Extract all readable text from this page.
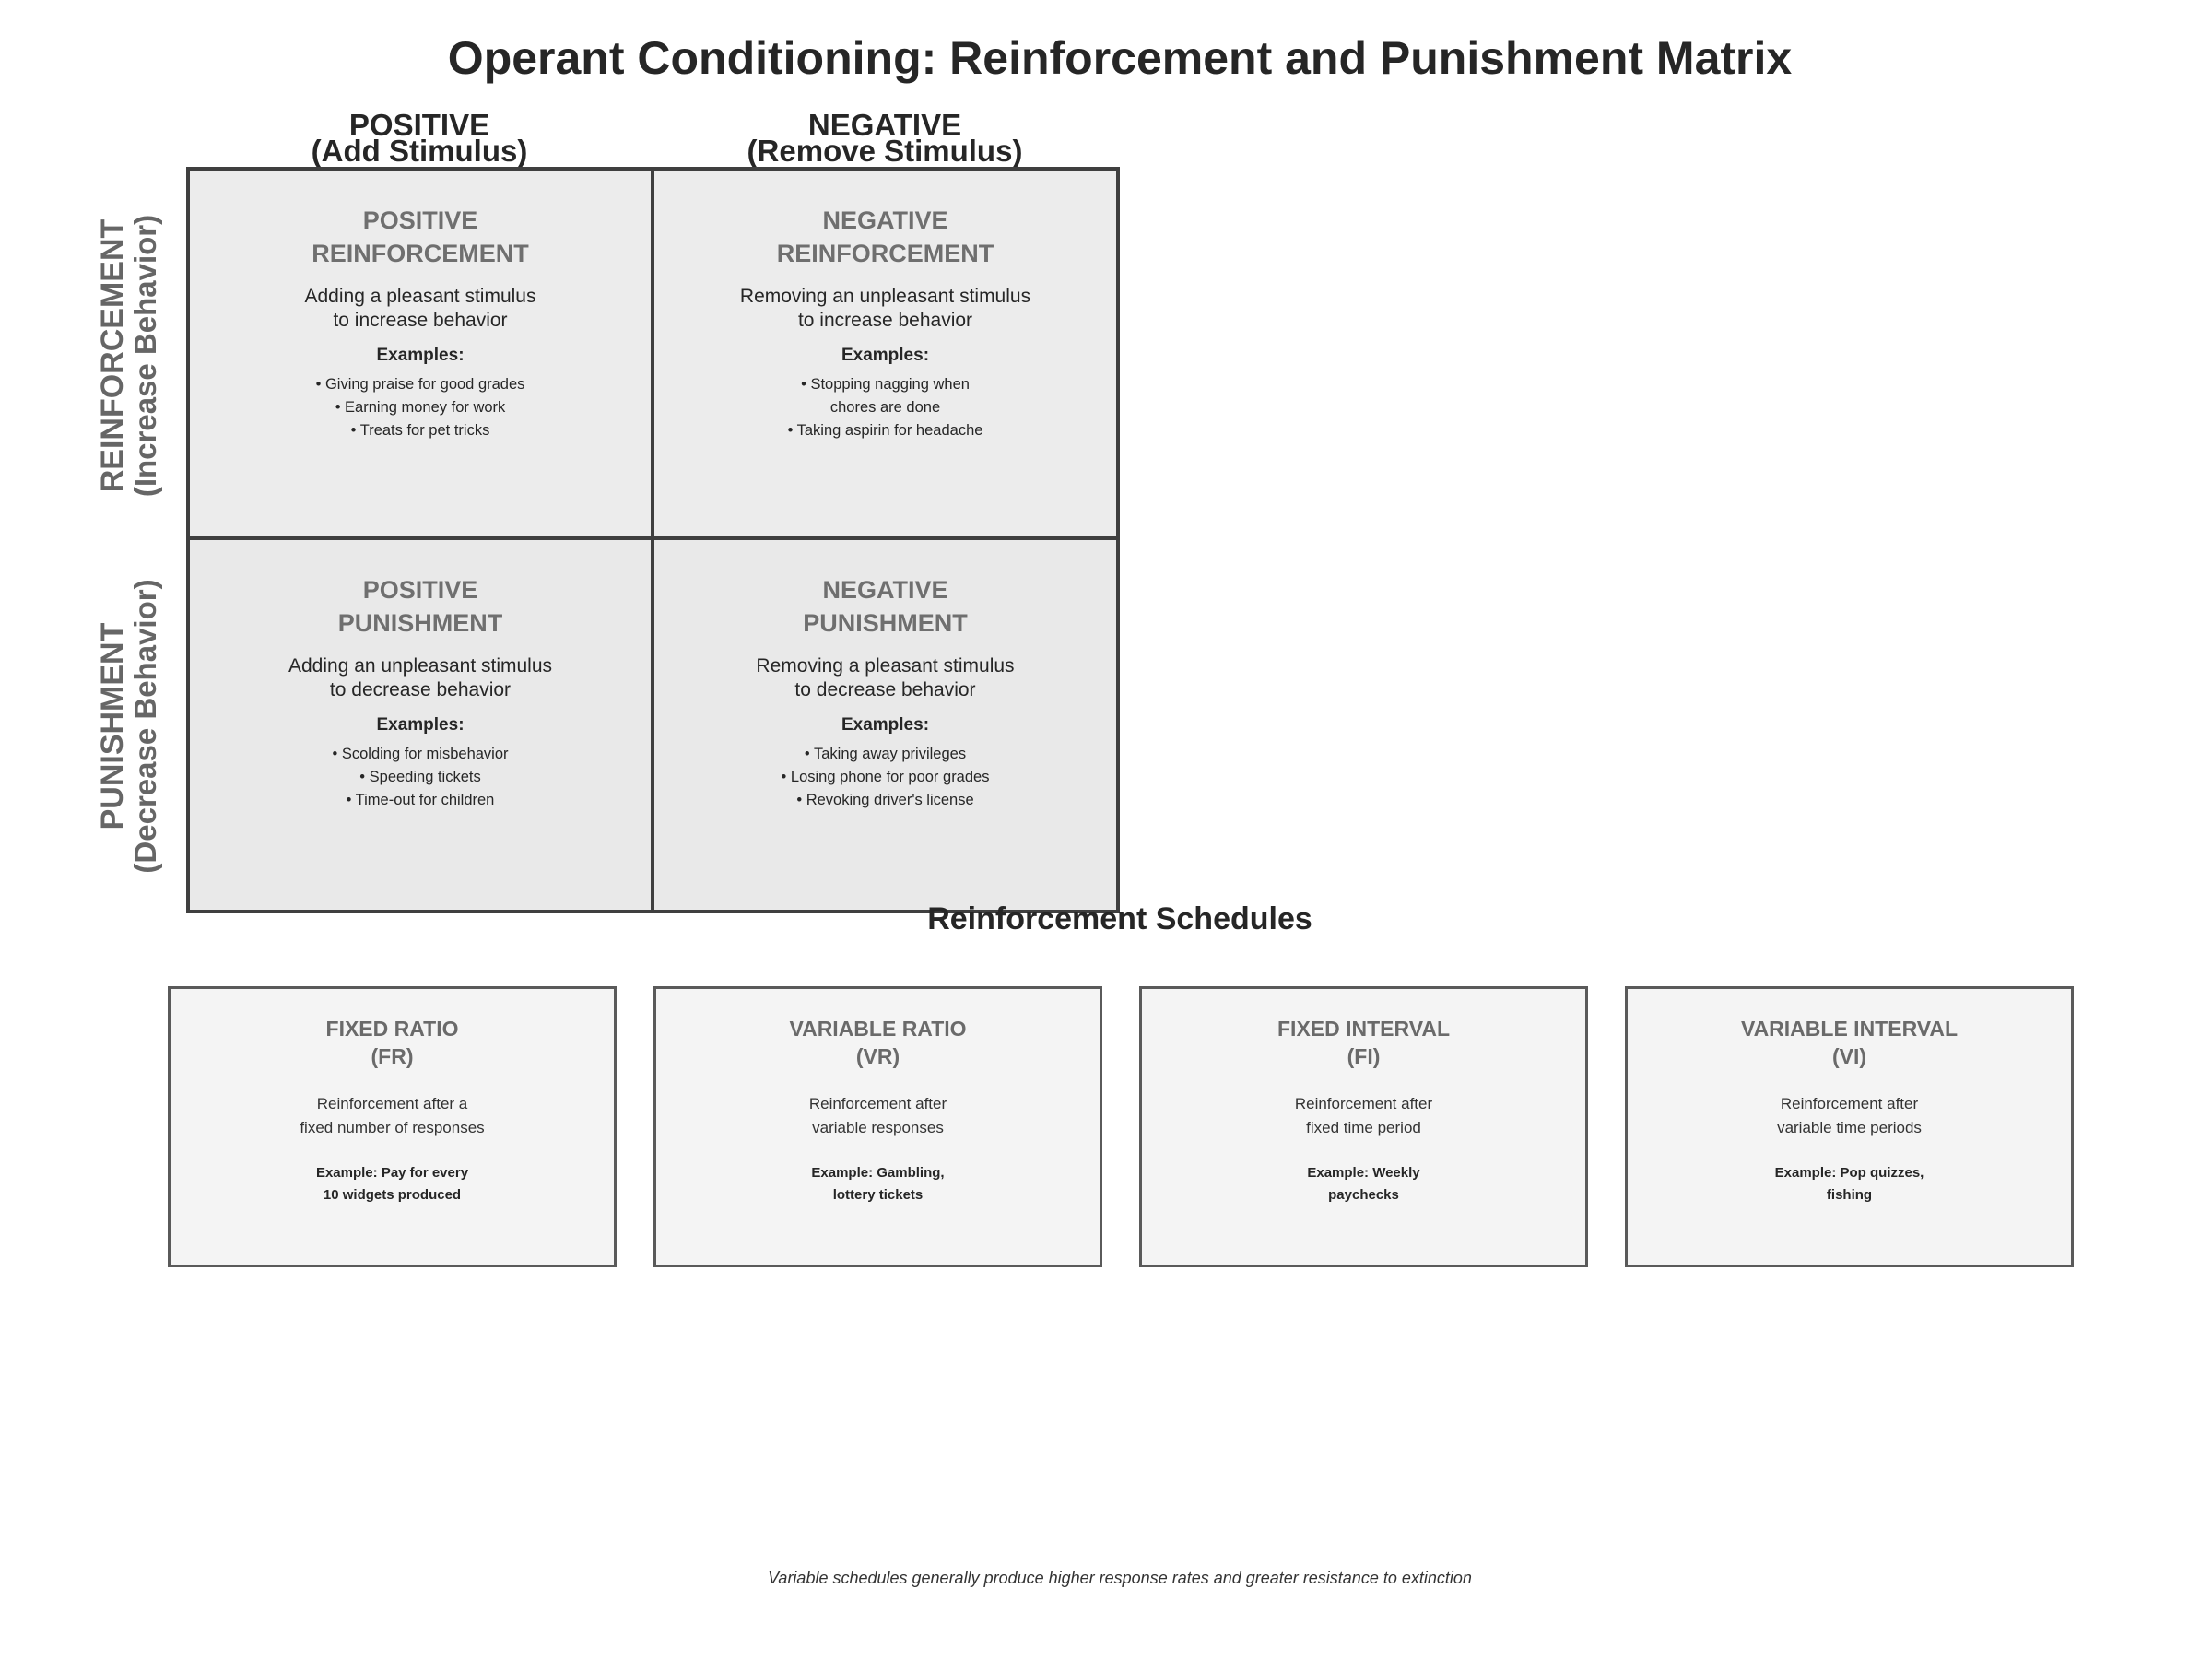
Operant Conditioning: Reinforcement and Punishment Matrix
POSITIVE
(Add Stimulus)
NEGATIVE
(Remove Stimulus)
REINFORCEMENT
(Increase Behavior)
PUNISHMENT
(Decrease Behavior)
POSITIVE
REINFORCEMENT
Adding a pleasant stimulus
to increase behavior
Examples:
• Giving praise for good grades
• Earning money for work
• Treats for pet tricks
NEGATIVE
REINFORCEMENT
Removing an unpleasant stimulus
to increase behavior
Examples:
• Stopping nagging when
chores are done
• Taking aspirin for headache
POSITIVE
PUNISHMENT
Adding an unpleasant stimulus
to decrease behavior
Examples:
• Scolding for misbehavior
• Speeding tickets
• Time-out for children
NEGATIVE
PUNISHMENT
Removing a pleasant stimulus
to decrease behavior
Examples:
• Taking away privileges
• Losing phone for poor grades
• Revoking driver's license
Reinforcement Schedules
FIXED RATIO
(FR)
Reinforcement after a
fixed number of responses
Example: Pay for every
10 widgets produced
VARIABLE RATIO
(VR)
Reinforcement after
variable responses
Example: Gambling,
lottery tickets
FIXED INTERVAL
(FI)
Reinforcement after
fixed time period
Example: Weekly
paychecks
VARIABLE INTERVAL
(VI)
Reinforcement after
variable time periods
Example: Pop quizzes,
fishing
Variable schedules generally produce higher response rates and greater resistance to extinction
